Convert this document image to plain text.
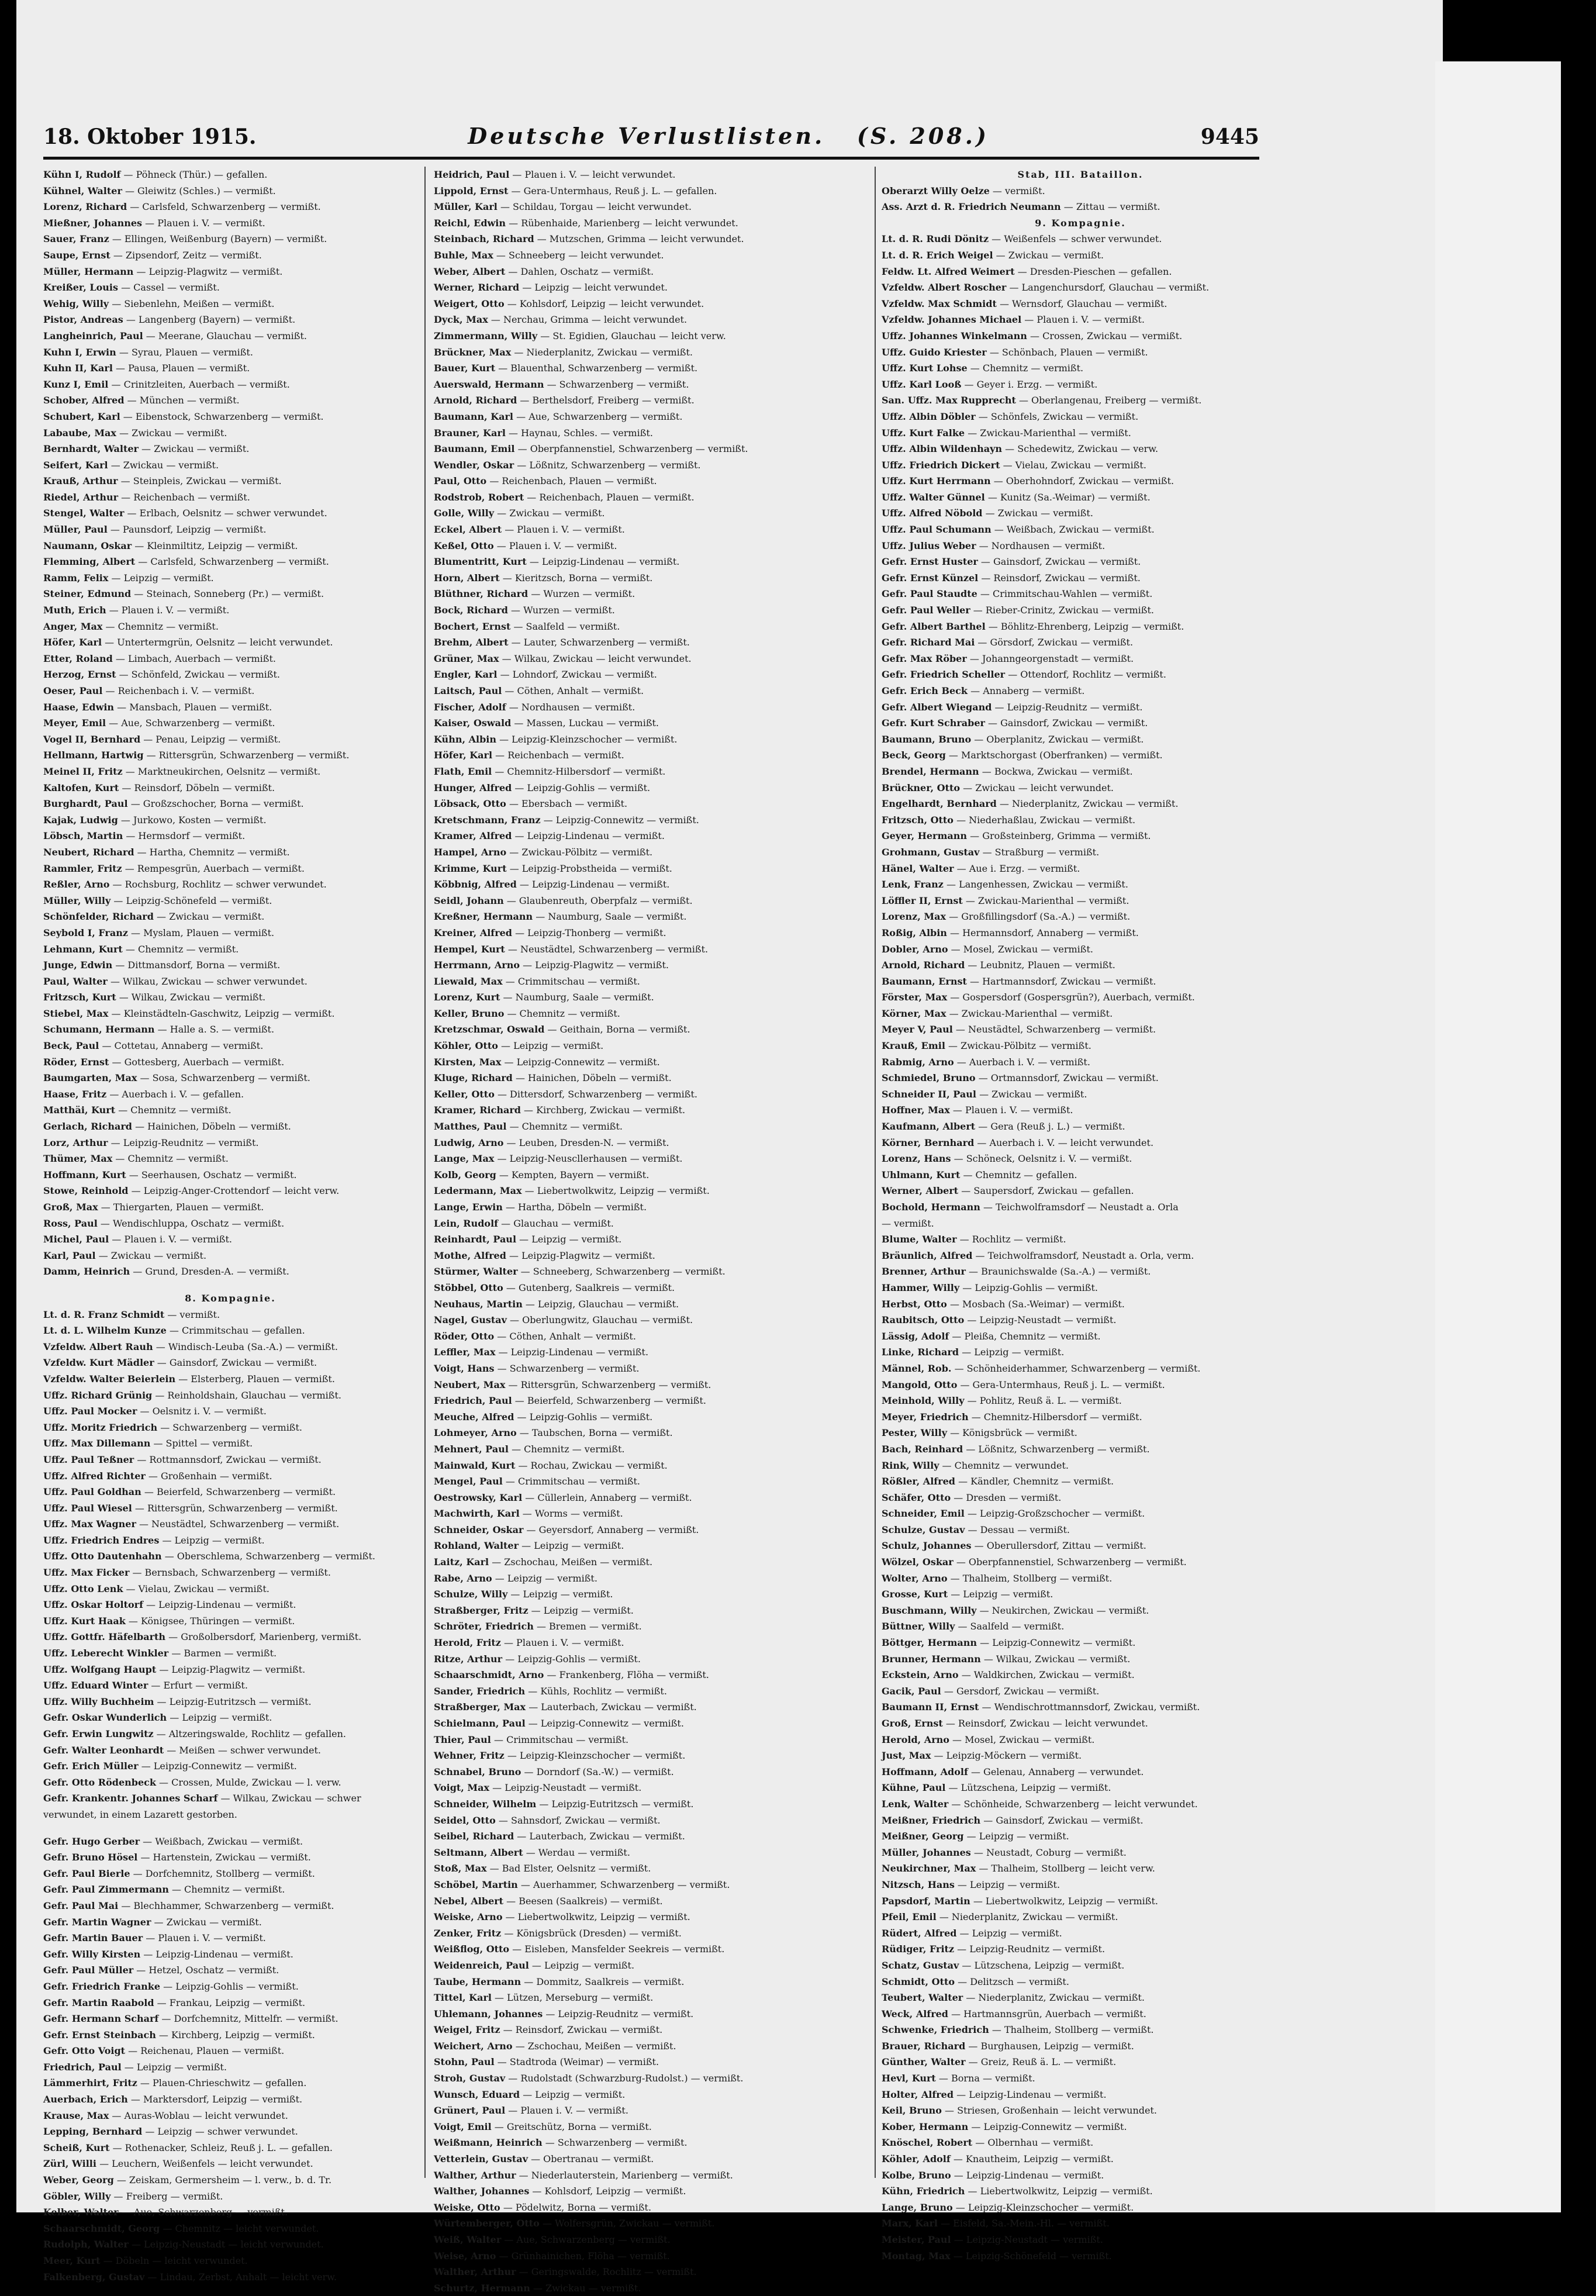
18. Oktober 1915.	Deutsche Verlustlisten. (S. 208.)	9445
Kühn I, Rudolf — Pöhneck (Thür.) — gefallen.
Kühnel, Walter — Gleiwitz (Schles.) — vermißt.
Lorenz, Richard — Carlsfeld, Schwarzenberg — vermißt.
Mießner, Johannes — Plauen i. V. — vermißt.
Sauer, Franz — Ellingen, Weißenburg (Bayern) — vermißt.
Saupe, Ernst — Zipsendorf, Zeitz — vermißt.
Müller, Hermann — Leipzig-Plagwitz — vermißt.
Kreißer, Louis — Cassel — vermißt.
Wehig, Willy — Siebenlehn, Meißen — vermißt.
Pistor, Andreas — Langenberg (Bayern) — vermißt.
Langheinrich, Paul — Meerane, Glauchau — vermißt.
Kuhn I, Erwin — Syrau, Plauen — vermißt.
Kuhn II, Karl — Pausa, Plauen — vermißt.
Kunz I, Emil — Crinitzleiten, Auerbach — vermißt.
Schober, Alfred — München — vermißt.
Schubert, Karl — Eibenstock, Schwarzenberg — vermißt.
Labaube, Max — Zwickau — vermißt.
Bernhardt, Walter — Zwickau — vermißt.
Seifert, Karl — Zwickau — vermißt.
Krauß, Arthur — Steinpleis, Zwickau — vermißt.
Riedel, Arthur — Reichenbach — vermißt.
Stengel, Walter — Erlbach, Oelsnitz — schwer verwundet.
Müller, Paul — Paunsdorf, Leipzig — vermißt.
Naumann, Oskar — Kleinmiltitz, Leipzig — vermißt.
Flemming, Albert — Carlsfeld, Schwarzenberg — vermißt.
Ramm, Felix — Leipzig — vermißt.
Steiner, Edmund — Steinach, Sonneberg (Pr.) — vermißt.
Muth, Erich — Plauen i. V. — vermißt.
Anger, Max — Chemnitz — vermißt.
Höfer, Karl — Untertermgrün, Oelsnitz — leicht verwundet.
Etter, Roland — Limbach, Auerbach — vermißt.
Herzog, Ernst — Schönfeld, Zwickau — vermißt.
Oeser, Paul — Reichenbach i. V. — vermißt.
Haase, Edwin — Mansbach, Plauen — vermißt.
Meyer, Emil — Aue, Schwarzenberg — vermißt.
Vogel II, Bernhard — Penau, Leipzig — vermißt.
Hellmann, Hartwig — Rittersgrün, Schwarzenberg — vermißt.
Meinel II, Fritz — Marktneukirchen, Oelsnitz — vermißt.
Kaltofen, Kurt — Reinsdorf, Döbeln — vermißt.
Burghardt, Paul — Großzschocher, Borna — vermißt.
Kajak, Ludwig — Jurkowo, Kosten — vermißt.
Löbsch, Martin — Hermsdorf — vermißt.
Neubert, Richard — Hartha, Chemnitz — vermißt.
Rammler, Fritz — Rempesgrün, Auerbach — vermißt.
Reßler, Arno — Rochsburg, Rochlitz — schwer verwundet.
Müller, Willy — Leipzig-Schönefeld — vermißt.
Schönfelder, Richard — Zwickau — vermißt.
Seybold I, Franz — Myslam, Plauen — vermißt.
Lehmann, Kurt — Chemnitz — vermißt.
Junge, Edwin — Dittmansdorf, Borna — vermißt.
Paul, Walter — Wilkau, Zwickau — schwer verwundet.
Fritzsch, Kurt — Wilkau, Zwickau — vermißt.
Stiebel, Max — Kleinstädteln-Gaschwitz, Leipzig — vermißt.
Schumann, Hermann — Halle a. S. — vermißt.
Beck, Paul — Cottetau, Annaberg — vermißt.
Röder, Ernst — Gottesberg, Auerbach — vermißt.
Baumgarten, Max — Sosa, Schwarzenberg — vermißt.
Haase, Fritz — Auerbach i. V. — gefallen.
Matthäi, Kurt — Chemnitz — vermißt.
Gerlach, Richard — Hainichen, Döbeln — vermißt.
Lorz, Arthur — Leipzig-Reudnitz — vermißt.
Thümer, Max — Chemnitz — vermißt.
Hoffmann, Kurt — Seerhausen, Oschatz — vermißt.
Stowe, Reinhold — Leipzig-Anger-Crottendorf — leicht verw.
Groß, Max — Thiergarten, Plauen — vermißt.
Ross, Paul — Wendischluppa, Oschatz — vermißt.
Michel, Paul — Plauen i. V. — vermißt.
Karl, Paul — Zwickau — vermißt.
Damm, Heinrich — Grund, Dresden-A. — vermißt.
8. Kompagnie.
Lt. d. R. Franz Schmidt — vermißt.
Lt. d. L. Wilhelm Kunze — Crimmitschau — gefallen.
Vzfeldw. Albert Rauh — Windisch-Leuba (Sa.-A.) — vermißt.
Vzfeldw. Kurt Mädler — Gainsdorf, Zwickau — vermißt.
Vzfeldw. Walter Beierlein — Elsterberg, Plauen — vermißt.
Uffz. Richard Grünig — Reinholdshain, Glauchau — vermißt.
Uffz. Paul Mocker — Oelsnitz i. V. — vermißt.
Uffz. Moritz Friedrich — Schwarzenberg — vermißt.
Uffz. Max Dillemann — Spittel — vermißt.
Uffz. Paul Teßner — Rottmannsdorf, Zwickau — vermißt.
Uffz. Alfred Richter — Großenhain — vermißt.
Uffz. Paul Goldhan — Beierfeld, Schwarzenberg — vermißt.
Uffz. Paul Wiesel — Rittersgrün, Schwarzenberg — vermißt.
Uffz. Max Wagner — Neustädtel, Schwarzenberg — vermißt.
Uffz. Friedrich Endres — Leipzig — vermißt.
Uffz. Otto Dautenhahn — Oberschlema, Schwarzenberg — vermißt.
Uffz. Max Ficker — Bernsbach, Schwarzenberg — vermißt.
Uffz. Otto Lenk — Vielau, Zwickau — vermißt.
Uffz. Oskar Holtorf — Leipzig-Lindenau — vermißt.
Uffz. Kurt Haak — Königsee, Thüringen — vermißt.
Uffz. Gottfr. Häfelbarth — Großolbersdorf, Marienberg, vermißt.
Uffz. Leberecht Winkler — Barmen — vermißt.
Uffz. Wolfgang Haupt — Leipzig-Plagwitz — vermißt.
Uffz. Eduard Winter — Erfurt — vermißt.
Uffz. Willy Buchheim — Leipzig-Eutritzsch — vermißt.
Gefr. Oskar Wunderlich — Leipzig — vermißt.
Gefr. Erwin Lungwitz — Altzeringswalde, Rochlitz — gefallen.
Gefr. Walter Leonhardt — Meißen — schwer verwundet.
Gefr. Erich Müller — Leipzig-Connewitz — vermißt.
Gefr. Otto Rödenbeck — Crossen, Mulde, Zwickau — l. verw.
Gefr. Krankentr. Johannes Scharf — Wilkau, Zwickau — schwer
verwundet, in einem Lazarett gestorben.
Gefr. Hugo Gerber — Weißbach, Zwickau — vermißt.
Gefr. Bruno Hösel — Hartenstein, Zwickau — vermißt.
Gefr. Paul Bierle — Dorfchemnitz, Stollberg — vermißt.
Gefr. Paul Zimmermann — Chemnitz — vermißt.
Gefr. Paul Mai — Blechhammer, Schwarzenberg — vermißt.
Gefr. Martin Wagner — Zwickau — vermißt.
Gefr. Martin Bauer — Plauen i. V. — vermißt.
Gefr. Willy Kirsten — Leipzig-Lindenau — vermißt.
Gefr. Paul Müller — Hetzel, Oschatz — vermißt.
Gefr. Friedrich Franke — Leipzig-Gohlis — vermißt.
Gefr. Martin Raabold — Frankau, Leipzig — vermißt.
Gefr. Hermann Scharf — Dorfchemnitz, Mittelfr. — vermißt.
Gefr. Ernst Steinbach — Kirchberg, Leipzig — vermißt.
Gefr. Otto Voigt — Reichenau, Plauen — vermißt.
Friedrich, Paul — Leipzig — vermißt.
Lämmerhirt, Fritz — Plauen-Chrieschwitz — gefallen.
Auerbach, Erich — Marktersdorf, Leipzig — vermißt.
Krause, Max — Auras-Woblau — leicht verwundet.
Lepping, Bernhard — Leipzig — schwer verwundet.
Scheiß, Kurt — Rothenacker, Schleiz, Reuß j. L. — gefallen.
Zürl, Willi — Leuchern, Weißenfels — leicht verwundet.
Weber, Georg — Zeiskam, Germersheim — l. verw., b. d. Tr.
Göbler, Willy — Freiberg — vermißt.
Kelber, Walter — Aue, Schwarzenberg — vermißt.
Schaarschmidt, Georg — Chemnitz — leicht verwundet.
Rudolph, Walter — Leipzig-Neustadt — leicht verwundet.
Meer, Kurt — Döbeln — leicht verwundet.
Falkenberg, Gustav — Lindau, Zerbst, Anhalt — leicht verw.
Heidrich, Paul — Plauen i. V. — leicht verwundet.
Lippold, Ernst — Gera-Untermhaus, Reuß j. L. — gefallen.
Müller, Karl — Schildau, Torgau — leicht verwundet.
Reichl, Edwin — Rübenhaide, Marienberg — leicht verwundet.
Steinbach, Richard — Mutzschen, Grimma — leicht verwundet.
Buhle, Max — Schneeberg — leicht verwundet.
Weber, Albert — Dahlen, Oschatz — vermißt.
Werner, Richard — Leipzig — leicht verwundet.
Weigert, Otto — Kohlsdorf, Leipzig — leicht verwundet.
Dyck, Max — Nerchau, Grimma — leicht verwundet.
Zimmermann, Willy — St. Egidien, Glauchau — leicht verw.
Brückner, Max — Niederplanitz, Zwickau — vermißt.
Bauer, Kurt — Blauenthal, Schwarzenberg — vermißt.
Auerswald, Hermann — Schwarzenberg — vermißt.
Arnold, Richard — Berthelsdorf, Freiberg — vermißt.
Baumann, Karl — Aue, Schwarzenberg — vermißt.
Brauner, Karl — Haynau, Schles. — vermißt.
Baumann, Emil — Oberpfannenstiel, Schwarzenberg — vermißt.
Wendler, Oskar — Lößnitz, Schwarzenberg — vermißt.
Paul, Otto — Reichenbach, Plauen — vermißt.
Rodstrob, Robert — Reichenbach, Plauen — vermißt.
Golle, Willy — Zwickau — vermißt.
Eckel, Albert — Plauen i. V. — vermißt.
Keßel, Otto — Plauen i. V. — vermißt.
Blumentritt, Kurt — Leipzig-Lindenau — vermißt.
Horn, Albert — Kieritzsch, Borna — vermißt.
Blüthner, Richard — Wurzen — vermißt.
Bock, Richard — Wurzen — vermißt.
Bochert, Ernst — Saalfeld — vermißt.
Brehm, Albert — Lauter, Schwarzenberg — vermißt.
Grüner, Max — Wilkau, Zwickau — leicht verwundet.
Engler, Karl — Lohndorf, Zwickau — vermißt.
Laitsch, Paul — Cöthen, Anhalt — vermißt.
Fischer, Adolf — Nordhausen — vermißt.
Kaiser, Oswald — Massen, Luckau — vermißt.
Kühn, Albin — Leipzig-Kleinzschocher — vermißt.
Höfer, Karl — Reichenbach — vermißt.
Flath, Emil — Chemnitz-Hilbersdorf — vermißt.
Hunger, Alfred — Leipzig-Gohlis — vermißt.
Löbsack, Otto — Ebersbach — vermißt.
Kretschmann, Franz — Leipzig-Connewitz — vermißt.
Kramer, Alfred — Leipzig-Lindenau — vermißt.
Hampel, Arno — Zwickau-Pölbitz — vermißt.
Krimme, Kurt — Leipzig-Probstheida — vermißt.
Köbbnig, Alfred — Leipzig-Lindenau — vermißt.
Seidl, Johann — Glaubenreuth, Oberpfalz — vermißt.
Kreßner, Hermann — Naumburg, Saale — vermißt.
Kreiner, Alfred — Leipzig-Thonberg — vermißt.
Hempel, Kurt — Neustädtel, Schwarzenberg — vermißt.
Herrmann, Arno — Leipzig-Plagwitz — vermißt.
Liewald, Max — Crimmitschau — vermißt.
Lorenz, Kurt — Naumburg, Saale — vermißt.
Keller, Bruno — Chemnitz — vermißt.
Kretzschmar, Oswald — Geithain, Borna — vermißt.
Köhler, Otto — Leipzig — vermißt.
Kirsten, Max — Leipzig-Connewitz — vermißt.
Kluge, Richard — Hainichen, Döbeln — vermißt.
Keller, Otto — Dittersdorf, Schwarzenberg — vermißt.
Kramer, Richard — Kirchberg, Zwickau — vermißt.
Matthes, Paul — Chemnitz — vermißt.
Ludwig, Arno — Leuben, Dresden-N. — vermißt.
Lange, Max — Leipzig-Neuscllerhausen — vermißt.
Kolb, Georg — Kempten, Bayern — vermißt.
Ledermann, Max — Liebertwolkwitz, Leipzig — vermißt.
Lange, Erwin — Hartha, Döbeln — vermißt.
Lein, Rudolf — Glauchau — vermißt.
Reinhardt, Paul — Leipzig — vermißt.
Mothe, Alfred — Leipzig-Plagwitz — vermißt.
Stürmer, Walter — Schneeberg, Schwarzenberg — vermißt.
Stöbbel, Otto — Gutenberg, Saalkreis — vermißt.
Neuhaus, Martin — Leipzig, Glauchau — vermißt.
Nagel, Gustav — Oberlungwitz, Glauchau — vermißt.
Röder, Otto — Cöthen, Anhalt — vermißt.
Leffler, Max — Leipzig-Lindenau — vermißt.
Voigt, Hans — Schwarzenberg — vermißt.
Neubert, Max — Rittersgrün, Schwarzenberg — vermißt.
Friedrich, Paul — Beierfeld, Schwarzenberg — vermißt.
Meuche, Alfred — Leipzig-Gohlis — vermißt.
Lohmeyer, Arno — Taubschen, Borna — vermißt.
Mehnert, Paul — Chemnitz — vermißt.
Mainwald, Kurt — Rochau, Zwickau — vermißt.
Mengel, Paul — Crimmitschau — vermißt.
Oestrowsky, Karl — Cüllerlein, Annaberg — vermißt.
Machwirth, Karl — Worms — vermißt.
Schneider, Oskar — Geyersdorf, Annaberg — vermißt.
Rohland, Walter — Leipzig — vermißt.
Laitz, Karl — Zschochau, Meißen — vermißt.
Rabe, Arno — Leipzig — vermißt.
Schulze, Willy — Leipzig — vermißt.
Straßberger, Fritz — Leipzig — vermißt.
Schröter, Friedrich — Bremen — vermißt.
Herold, Fritz — Plauen i. V. — vermißt.
Ritze, Arthur — Leipzig-Gohlis — vermißt.
Schaarschmidt, Arno — Frankenberg, Flöha — vermißt.
Sander, Friedrich — Kühls, Rochlitz — vermißt.
Straßberger, Max — Lauterbach, Zwickau — vermißt.
Schielmann, Paul — Leipzig-Connewitz — vermißt.
Thier, Paul — Crimmitschau — vermißt.
Wehner, Fritz — Leipzig-Kleinzschocher — vermißt.
Schnabel, Bruno — Dorndorf (Sa.-W.) — vermißt.
Voigt, Max — Leipzig-Neustadt — vermißt.
Schneider, Wilhelm — Leipzig-Eutritzsch — vermißt.
Seidel, Otto — Sahnsdorf, Zwickau — vermißt.
Seibel, Richard — Lauterbach, Zwickau — vermißt.
Seltmann, Albert — Werdau — vermißt.
Stoß, Max — Bad Elster, Oelsnitz — vermißt.
Schöbel, Martin — Auerhammer, Schwarzenberg — vermißt.
Nebel, Albert — Beesen (Saalkreis) — vermißt.
Weiske, Arno — Liebertwolkwitz, Leipzig — vermißt.
Zenker, Fritz — Königsbrück (Dresden) — vermißt.
Weißflog, Otto — Eisleben, Mansfelder Seekreis — vermißt.
Weidenreich, Paul — Leipzig — vermißt.
Taube, Hermann — Dommitz, Saalkreis — vermißt.
Tittel, Karl — Lützen, Merseburg — vermißt.
Uhlemann, Johannes — Leipzig-Reudnitz — vermißt.
Weigel, Fritz — Reinsdorf, Zwickau — vermißt.
Weichert, Arno — Zschochau, Meißen — vermißt.
Stohn, Paul — Stadtroda (Weimar) — vermißt.
Stroh, Gustav — Rudolstadt (Schwarzburg-Rudolst.) — vermißt.
Wunsch, Eduard — Leipzig — vermißt.
Grünert, Paul — Plauen i. V. — vermißt.
Voigt, Emil — Greitschütz, Borna — vermißt.
Weißmann, Heinrich — Schwarzenberg — vermißt.
Vetterlein, Gustav — Obertranau — vermißt.
Walther, Arthur — Niederlauterstein, Marienberg — vermißt.
Walther, Johannes — Kohlsdorf, Leipzig — vermißt.
Weiske, Otto — Pödelwitz, Borna — vermißt.
Würtemberger, Otto — Wolfersgrün, Zwickau — vermißt.
Weiß, Walter — Aue, Schwarzenberg — vermißt.
Weise, Arno — Grünhainichen, Flöha — vermißt.
Walther, Arthur — Geringswalde, Rochlitz — vermißt.
Schurtz, Hermann — Zwickau — vermißt.
Stab, III. Bataillon.
Oberarzt Willy Oelze — vermißt.
Ass. Arzt d. R. Friedrich Neumann — Zittau — vermißt.
9. Kompagnie.
Lt. d. R. Rudi Dönitz — Weißenfels — schwer verwundet.
Lt. d. R. Erich Weigel — Zwickau — vermißt.
Feldw. Lt. Alfred Weimert — Dresden-Pieschen — gefallen.
Vzfeldw. Albert Roscher — Langenchursdorf, Glauchau — vermißt.
Vzfeldw. Max Schmidt — Wernsdorf, Glauchau — vermißt.
Vzfeldw. Johannes Michael — Plauen i. V. — vermißt.
Uffz. Johannes Winkelmann — Crossen, Zwickau — vermißt.
Uffz. Guido Kriester — Schönbach, Plauen — vermißt.
Uffz. Kurt Lohse — Chemnitz — vermißt.
Uffz. Karl Looß — Geyer i. Erzg. — vermißt.
San. Uffz. Max Rupprecht — Oberlangenau, Freiberg — vermißt.
Uffz. Albin Döbler — Schönfels, Zwickau — vermißt.
Uffz. Kurt Falke — Zwickau-Marienthal — vermißt.
Uffz. Albin Wildenhayn — Schedewitz, Zwickau — verw.
Uffz. Friedrich Dickert — Vielau, Zwickau — vermißt.
Uffz. Kurt Herrmann — Oberhohndorf, Zwickau — vermißt.
Uffz. Walter Günnel — Kunitz (Sa.-Weimar) — vermißt.
Uffz. Alfred Nöbold — Zwickau — vermißt.
Uffz. Paul Schumann — Weißbach, Zwickau — vermißt.
Uffz. Julius Weber — Nordhausen — vermißt.
Gefr. Ernst Huster — Gainsdorf, Zwickau — vermißt.
Gefr. Ernst Künzel — Reinsdorf, Zwickau — vermißt.
Gefr. Paul Staudte — Crimmitschau-Wahlen — vermißt.
Gefr. Paul Weller — Rieber-Crinitz, Zwickau — vermißt.
Gefr. Albert Barthel — Böhlitz-Ehrenberg, Leipzig — vermißt.
Gefr. Richard Mai — Görsdorf, Zwickau — vermißt.
Gefr. Max Röber — Johanngeorgenstadt — vermißt.
Gefr. Friedrich Scheller — Ottendorf, Rochlitz — vermißt.
Gefr. Erich Beck — Annaberg — vermißt.
Gefr. Albert Wiegand — Leipzig-Reudnitz — vermißt.
Gefr. Kurt Schraber — Gainsdorf, Zwickau — vermißt.
Baumann, Bruno — Oberplanitz, Zwickau — vermißt.
Beck, Georg — Marktschorgast (Oberfranken) — vermißt.
Brendel, Hermann — Bockwa, Zwickau — vermißt.
Brückner, Otto — Zwickau — leicht verwundet.
Engelhardt, Bernhard — Niederplanitz, Zwickau — vermißt.
Fritzsch, Otto — Niederhaßlau, Zwickau — vermißt.
Geyer, Hermann — Großsteinberg, Grimma — vermißt.
Grohmann, Gustav — Straßburg — vermißt.
Hänel, Walter — Aue i. Erzg. — vermißt.
Lenk, Franz — Langenhessen, Zwickau — vermißt.
Löffler II, Ernst — Zwickau-Marienthal — vermißt.
Lorenz, Max — Großfillingsdorf (Sa.-A.) — vermißt.
Roßig, Albin — Hermannsdorf, Annaberg — vermißt.
Dobler, Arno — Mosel, Zwickau — vermißt.
Arnold, Richard — Leubnitz, Plauen — vermißt.
Baumann, Ernst — Hartmannsdorf, Zwickau — vermißt.
Förster, Max — Gospersdorf (Gospersgrün?), Auerbach, vermißt.
Körner, Max — Zwickau-Marienthal — vermißt.
Meyer V, Paul — Neustädtel, Schwarzenberg — vermißt.
Krauß, Emil — Zwickau-Pölbitz — vermißt.
Rabmig, Arno — Auerbach i. V. — vermißt.
Schmiedel, Bruno — Ortmannsdorf, Zwickau — vermißt.
Schneider II, Paul — Zwickau — vermißt.
Hoffner, Max — Plauen i. V. — vermißt.
Kaufmann, Albert — Gera (Reuß j. L.) — vermißt.
Körner, Bernhard — Auerbach i. V. — leicht verwundet.
Lorenz, Hans — Schöneck, Oelsnitz i. V. — vermißt.
Uhlmann, Kurt — Chemnitz — gefallen.
Werner, Albert — Saupersdorf, Zwickau — gefallen.
Bochold, Hermann — Teichwolframsdorf — Neustadt a. Orla
— vermißt.
Blume, Walter — Rochlitz — vermißt.
Bräunlich, Alfred — Teichwolframsdorf, Neustadt a. Orla, verm.
Brenner, Arthur — Braunichswalde (Sa.-A.) — vermißt.
Hammer, Willy — Leipzig-Gohlis — vermißt.
Herbst, Otto — Mosbach (Sa.-Weimar) — vermißt.
Raubitsch, Otto — Leipzig-Neustadt — vermißt.
Lässig, Adolf — Pleißa, Chemnitz — vermißt.
Linke, Richard — Leipzig — vermißt.
Männel, Rob. — Schönheiderhammer, Schwarzenberg — vermißt.
Mangold, Otto — Gera-Untermhaus, Reuß j. L. — vermißt.
Meinhold, Willy — Pohlitz, Reuß ä. L. — vermißt.
Meyer, Friedrich — Chemnitz-Hilbersdorf — vermißt.
Pester, Willy — Königsbrück — vermißt.
Bach, Reinhard — Lößnitz, Schwarzenberg — vermißt.
Rink, Willy — Chemnitz — verwundet.
Rößler, Alfred — Kändler, Chemnitz — vermißt.
Schäfer, Otto — Dresden — vermißt.
Schneider, Emil — Leipzig-Großzschocher — vermißt.
Schulze, Gustav — Dessau — vermißt.
Schulz, Johannes — Oberullersdorf, Zittau — vermißt.
Wölzel, Oskar — Oberpfannenstiel, Schwarzenberg — vermißt.
Wolter, Arno — Thalheim, Stollberg — vermißt.
Grosse, Kurt — Leipzig — vermißt.
Buschmann, Willy — Neukirchen, Zwickau — vermißt.
Büttner, Willy — Saalfeld — vermißt.
Böttger, Hermann — Leipzig-Connewitz — vermißt.
Brunner, Hermann — Wilkau, Zwickau — vermißt.
Eckstein, Arno — Waldkirchen, Zwickau — vermißt.
Gacik, Paul — Gersdorf, Zwickau — vermißt.
Baumann II, Ernst — Wendischrottmannsdorf, Zwickau, vermißt.
Groß, Ernst — Reinsdorf, Zwickau — leicht verwundet.
Herold, Arno — Mosel, Zwickau — vermißt.
Just, Max — Leipzig-Möckern — vermißt.
Hoffmann, Adolf — Gelenau, Annaberg — verwundet.
Kühne, Paul — Lützschena, Leipzig — vermißt.
Lenk, Walter — Schönheide, Schwarzenberg — leicht verwundet.
Meißner, Friedrich — Gainsdorf, Zwickau — vermißt.
Meißner, Georg — Leipzig — vermißt.
Müller, Johannes — Neustadt, Coburg — vermißt.
Neukirchner, Max — Thalheim, Stollberg — leicht verw.
Nitzsch, Hans — Leipzig — vermißt.
Papsdorf, Martin — Liebertwolkwitz, Leipzig — vermißt.
Pfeil, Emil — Niederplanitz, Zwickau — vermißt.
Rüdert, Alfred — Leipzig — vermißt.
Rüdiger, Fritz — Leipzig-Reudnitz — vermißt.
Schatz, Gustav — Lützschena, Leipzig — vermißt.
Schmidt, Otto — Delitzsch — vermißt.
Teubert, Walter — Niederplanitz, Zwickau — vermißt.
Weck, Alfred — Hartmannsgrün, Auerbach — vermißt.
Schwenke, Friedrich — Thalheim, Stollberg — vermißt.
Brauer, Richard — Burghausen, Leipzig — vermißt.
Günther, Walter — Greiz, Reuß ä. L. — vermißt.
Hevl, Kurt — Borna — vermißt.
Holter, Alfred — Leipzig-Lindenau — vermißt.
Keil, Bruno — Striesen, Großenhain — leicht verwundet.
Kober, Hermann — Leipzig-Connewitz — vermißt.
Knöschel, Robert — Olbernhau — vermißt.
Köhler, Adolf — Knautheim, Leipzig — vermißt.
Kolbe, Bruno — Leipzig-Lindenau — vermißt.
Kühn, Friedrich — Liebertwolkwitz, Leipzig — vermißt.
Lange, Bruno — Leipzig-Kleinzschocher — vermißt.
Marx, Karl — Eisfeld, Sa.-Mein.-Hl. — vermißt.
Meister, Paul — Leipzig-Neustadt — vermißt.
Montag, Max — Leipzig-Schönefeld — vermißt.
